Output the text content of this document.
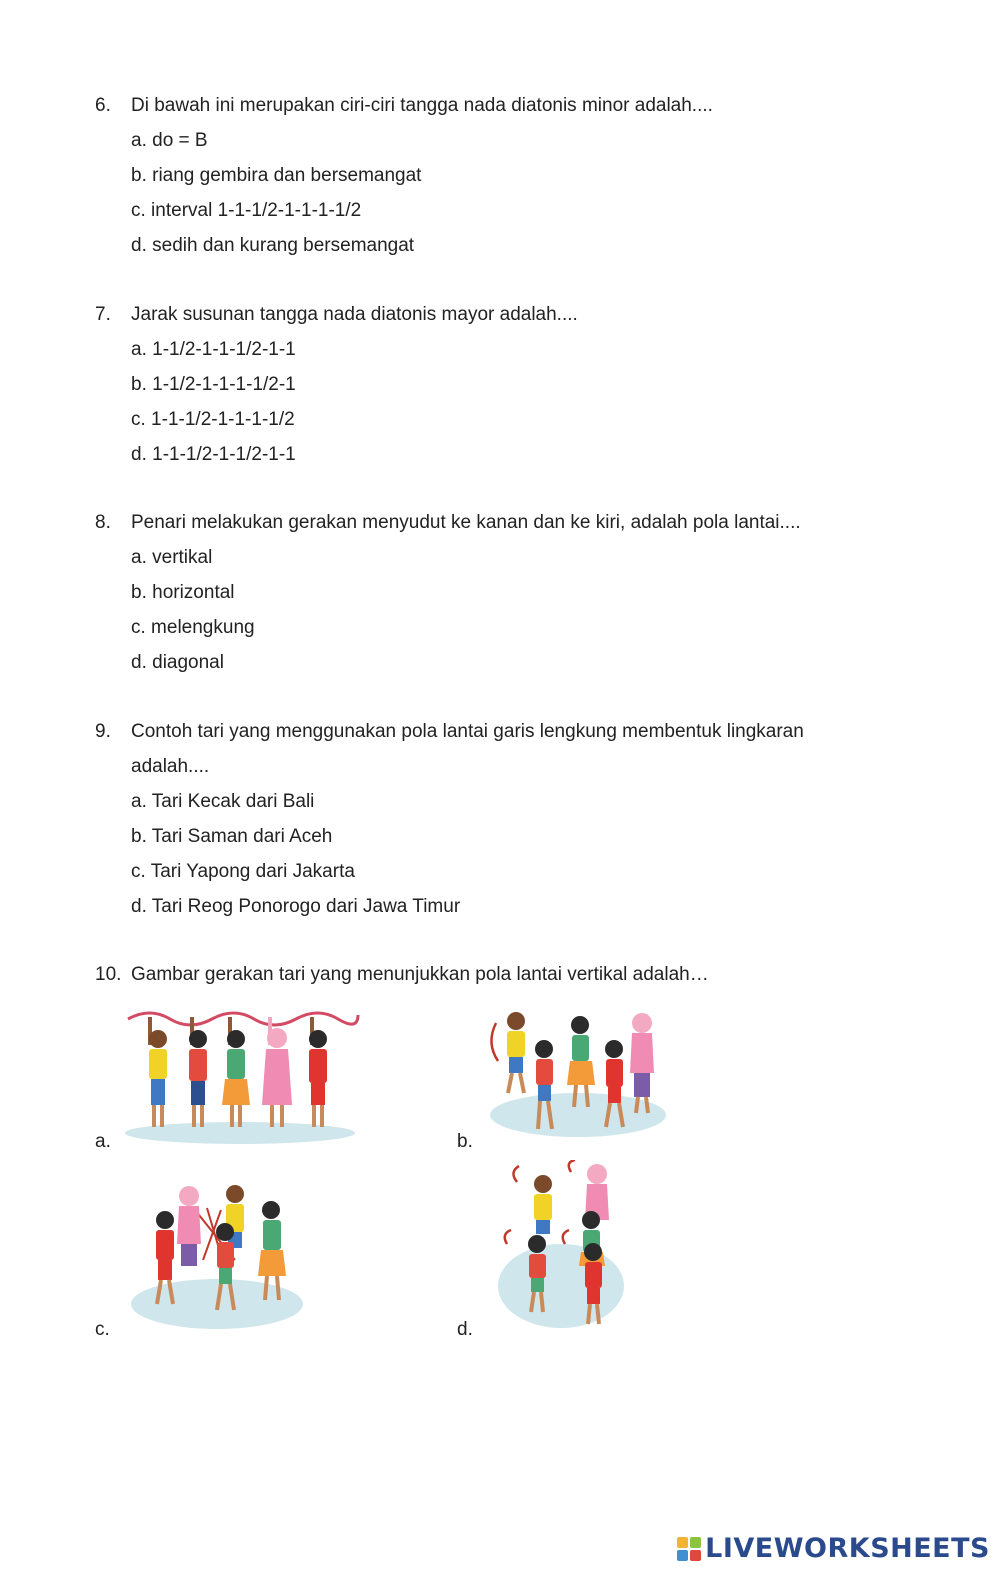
6.	Di bawah ini merupakan ciri-ciri tangga nada diatonis minor adalah....
a. do = B
b. riang gembira dan bersemangat
c. interval 1-1-1/2-1-1-1-1/2
d. sedih dan kurang bersemangat
7.	Jarak susunan tangga nada diatonis mayor adalah....
a. 1-1/2-1-1-1/2-1-1
b. 1-1/2-1-1-1-1/2-1
c. 1-1-1/2-1-1-1-1/2
d. 1-1-1/2-1-1/2-1-1
8.	Penari melakukan gerakan menyudut ke kanan dan ke kiri, adalah pola lantai....
a. vertikal
b. horizontal
c. melengkung
d. diagonal
9.	Contoh tari yang menggunakan pola lantai garis lengkung membentuk lingkaran
adalah....
a. Tari Kecak dari Bali
b. Tari Saman dari Aceh
c. Tari Yapong dari Jakarta
d. Tari Reog Ponorogo dari Jawa Timur
10. Gambar gerakan tari yang menunjukkan pola lantai vertikal adalah…
a.	b.
c.	d.
LIVEWORKSHEETS
